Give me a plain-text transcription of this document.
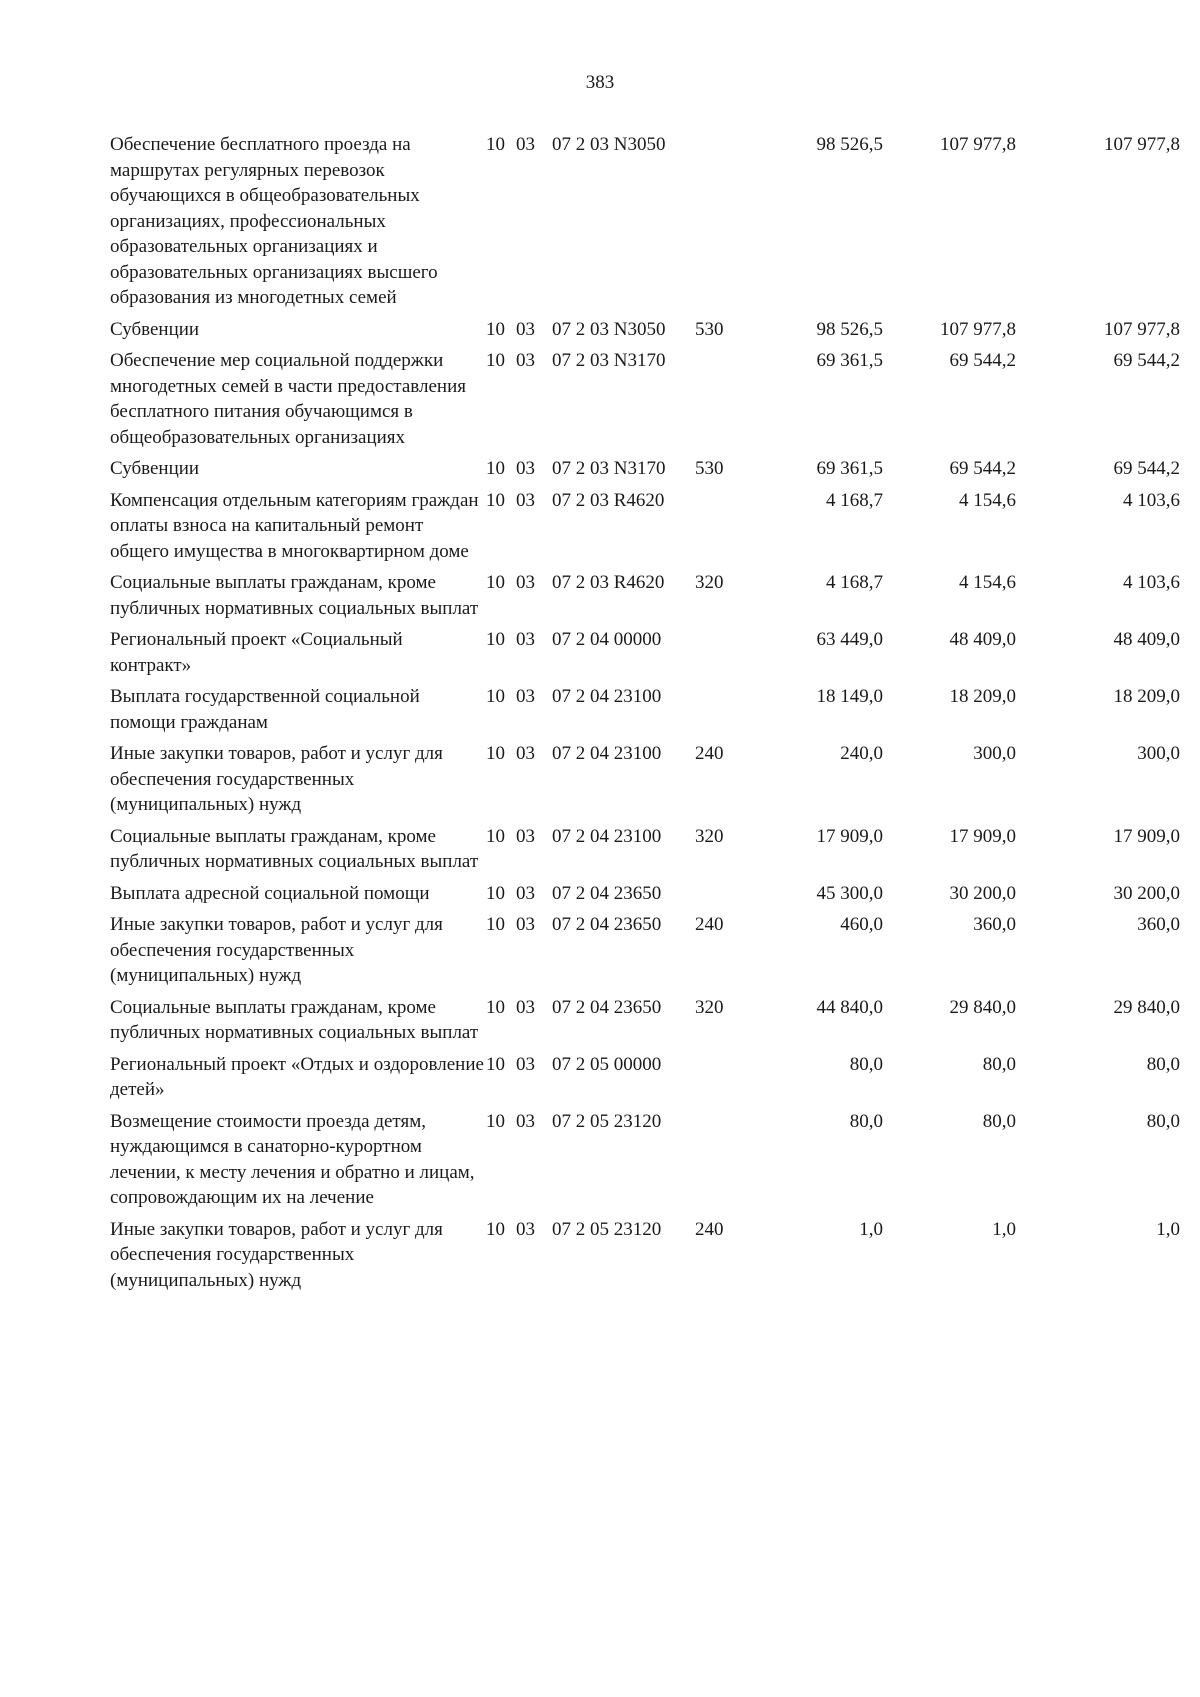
383
Обеспечение бесплатного проезда на маршрутах регулярных перевозок обучающихся в общеобразовательных организациях, профессиональных образовательных организациях и образовательных организациях высшего образования из многодетных семей	10	03	07 2 03 N3050		98 526,5	107 977,8	107 977,8
Субвенции	10	03	07 2 03 N3050	530	98 526,5	107 977,8	107 977,8
Обеспечение мер социальной поддержки многодетных семей в части предоставления бесплатного питания обучающимся в общеобразовательных организациях	10	03	07 2 03 N3170		69 361,5	69 544,2	69 544,2
Субвенции	10	03	07 2 03 N3170	530	69 361,5	69 544,2	69 544,2
Компенсация отдельным категориям граждан оплаты взноса на капитальный ремонт общего имущества в многоквартирном доме	10	03	07 2 03 R4620		4 168,7	4 154,6	4 103,6
Социальные выплаты гражданам, кроме публичных нормативных социальных выплат	10	03	07 2 03 R4620	320	4 168,7	4 154,6	4 103,6
Региональный проект «Социальный контракт»	10	03	07 2 04 00000		63 449,0	48 409,0	48 409,0
Выплата государственной социальной помощи гражданам	10	03	07 2 04 23100		18 149,0	18 209,0	18 209,0
Иные закупки товаров, работ и услуг для обеспечения государственных (муниципальных) нужд	10	03	07 2 04 23100	240	240,0	300,0	300,0
Социальные выплаты гражданам, кроме публичных нормативных социальных выплат	10	03	07 2 04 23100	320	17 909,0	17 909,0	17 909,0
Выплата адресной социальной помощи	10	03	07 2 04 23650		45 300,0	30 200,0	30 200,0
Иные закупки товаров, работ и услуг для обеспечения государственных (муниципальных) нужд	10	03	07 2 04 23650	240	460,0	360,0	360,0
Социальные выплаты гражданам, кроме публичных нормативных социальных выплат	10	03	07 2 04 23650	320	44 840,0	29 840,0	29 840,0
Региональный проект «Отдых и оздоровление детей»	10	03	07 2 05 00000		80,0	80,0	80,0
Возмещение стоимости проезда детям, нуждающимся в санаторно-курортном лечении, к месту лечения и обратно и лицам, сопровождающим их на лечение	10	03	07 2 05 23120		80,0	80,0	80,0
Иные закупки товаров, работ и услуг для обеспечения государственных (муниципальных) нужд	10	03	07 2 05 23120	240	1,0	1,0	1,0
